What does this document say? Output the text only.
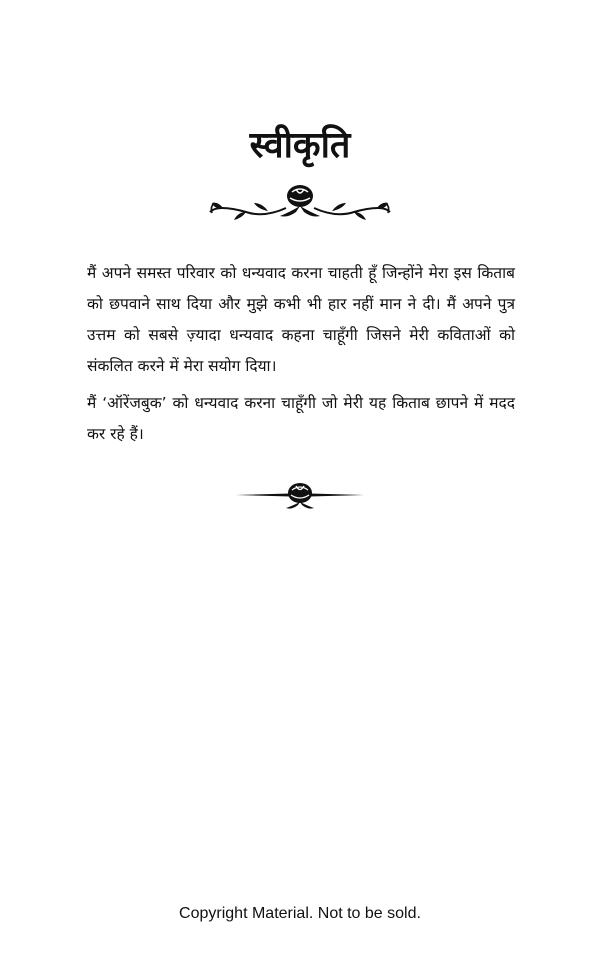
स्वीकृति

मैं अपने समस्त परिवार को धन्यवाद करना चाहती हूँ जिन्होंने मेरा इस किताब को छपवाने साथ दिया और मुझे कभी भी हार नहीं मान ने दी। मैं अपने पुत्र उत्तम को सबसे ज़्यादा धन्यवाद कहना चाहूँगी जिसने मेरी कविताओं को संकलित करने में मेरा सयोग दिया।

मैं ‘ऑरेंजबुक’ को धन्यवाद करना चाहूँगी जो मेरी यह किताब छापने में मदद कर रहे हैं।

Copyright Material. Not to be sold.
